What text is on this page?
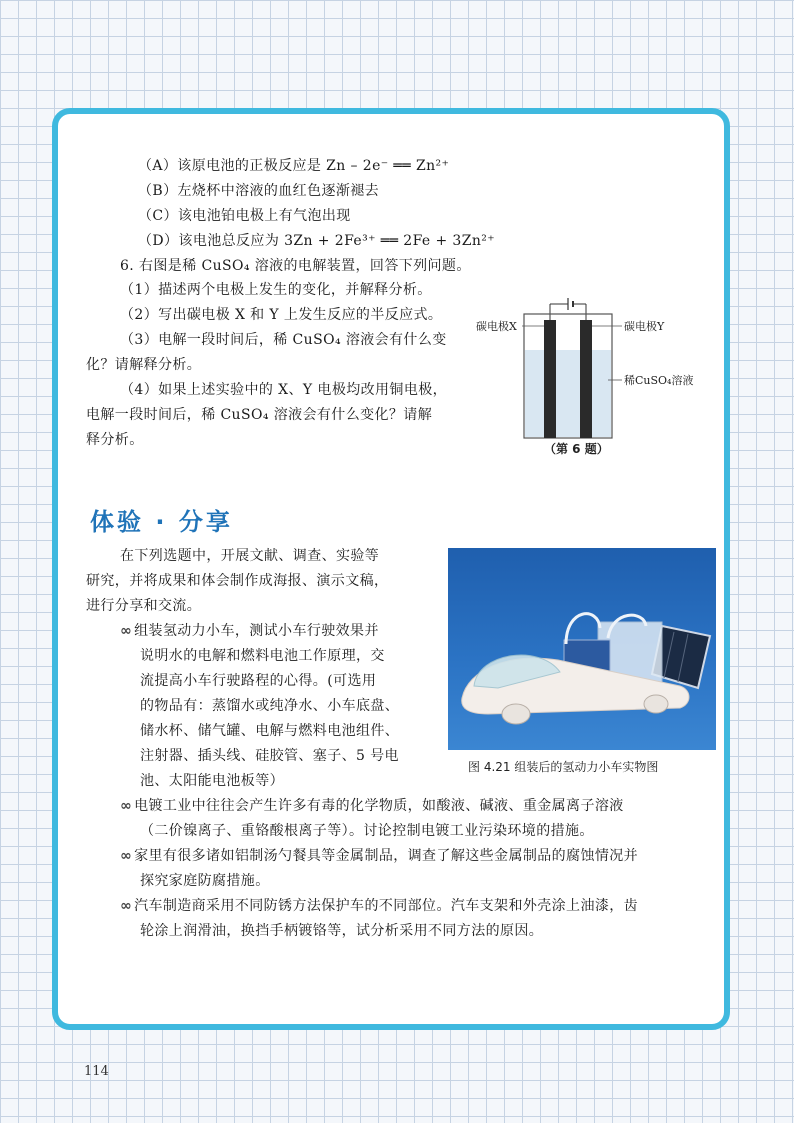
（A）该原电池的正极反应是 Zn – 2e⁻ ══ Zn²⁺
（B）左烧杯中溶液的血红色逐渐褪去
（C）该电池铂电极上有气泡出现
（D）该电池总反应为 3Zn + 2Fe³⁺ ══ 2Fe + 3Zn²⁺
6. 右图是稀 CuSO₄ 溶液的电解装置，回答下列问题。
（1）描述两个电极上发生的变化，并解释分析。
（2）写出碳电极 X 和 Y 上发生反应的半反应式。
（3）电解一段时间后，稀 CuSO₄ 溶液会有什么变
化？请解释分析。
（4）如果上述实验中的 X、Y 电极均改用铜电极，
电解一段时间后，稀 CuSO₄ 溶液会有什么变化？请解
释分析。
碳电极X	碳电极Y
稀CuSO₄溶液
（第 6 题）
体验 · 分享
在下列选题中，开展文献、调查、实验等
研究，并将成果和体会制作成海报、演示文稿，
进行分享和交流。
∞ 组装氢动力小车，测试小车行驶效果并
说明水的电解和燃料电池工作原理，交
流提高小车行驶路程的心得。(可选用
的物品有：蒸馏水或纯净水、小车底盘、
储水杯、储气罐、电解与燃料电池组件、
注射器、插头线、硅胶管、塞子、5 号电
池、太阳能电池板等）
图 4.21 组装后的氢动力小车实物图
∞ 电镀工业中往往会产生许多有毒的化学物质，如酸液、碱液、重金属离子溶液
（二价镍离子、重铬酸根离子等）。讨论控制电镀工业污染环境的措施。
∞ 家里有很多诸如铝制汤勺餐具等金属制品，调查了解这些金属制品的腐蚀情况并
探究家庭防腐措施。
∞ 汽车制造商采用不同防锈方法保护车的不同部位。汽车支架和外壳涂上油漆，齿
轮涂上润滑油，换挡手柄镀铬等，试分析采用不同方法的原因。
114
